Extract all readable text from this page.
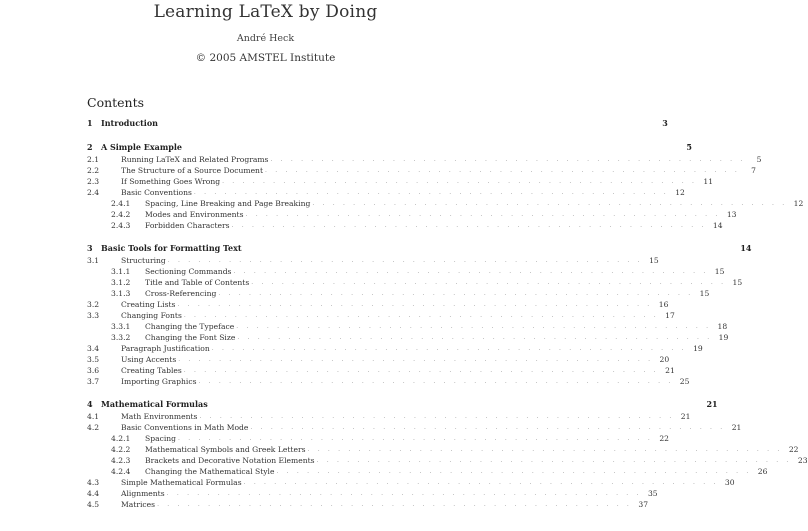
Learning LaTeX by Doing
André Heck
© 2005 AMSTEL Institute
Contents
1	Introduction	3
2	A Simple Example	5
2.1	Running LaTeX and Related Programs . . . . . . . . . . . . . . . . . . . . . . . . . . . . . . . . . . . . . . . . . . . . . . .	5
2.2	The Structure of a Source Document . . . . . . . . . . . . . . . . . . . . . . . . . . . . . . . . . . . . . . . . . . . . . . .	7
2.3	If Something Goes Wrong . . . . . . . . . . . . . . . . . . . . . . . . . . . . . . . . . . . . . . . . . . . . . . . 11
2.4	Basic Conventions . . . . . . . . . . . . . . . . . . . . . . . . . . . . . . . . . . . . . . . . . . . . . . . 12
2.4.1	Spacing, Line Breaking and Page Breaking . . . . . . . . . . . . . . . . . . . . . . . . . . . . . . . . . . . . . . . . . . . . . . . 12
2.4.2	Modes and Environments . . . . . . . . . . . . . . . . . . . . . . . . . . . . . . . . . . . . . . . . . . . . . . . 13
2.4.3	Forbidden Characters . . . . . . . . . . . . . . . . . . . . . . . . . . . . . . . . . . . . . . . . . . . . . . . 14
3	Basic Tools for Formatting Text	14
3.1	Structuring . . . . . . . . . . . . . . . . . . . . . . . . . . . . . . . . . . . . . . . . . . . . . . . 15
3.1.1	Sectioning Commands . . . . . . . . . . . . . . . . . . . . . . . . . . . . . . . . . . . . . . . . . . . . . . . 15
3.1.2	Title and Table of Contents . . . . . . . . . . . . . . . . . . . . . . . . . . . . . . . . . . . . . . . . . . . . . . . 15
3.1.3	Cross-Referencing . . . . . . . . . . . . . . . . . . . . . . . . . . . . . . . . . . . . . . . . . . . . . . . 15
3.2	Creating Lists . . . . . . . . . . . . . . . . . . . . . . . . . . . . . . . . . . . . . . . . . . . . . . . 16
3.3	Changing Fonts . . . . . . . . . . . . . . . . . . . . . . . . . . . . . . . . . . . . . . . . . . . . . . . 17
3.3.1	Changing the Typeface . . . . . . . . . . . . . . . . . . . . . . . . . . . . . . . . . . . . . . . . . . . . . . . 18
3.3.2	Changing the Font Size . . . . . . . . . . . . . . . . . . . . . . . . . . . . . . . . . . . . . . . . . . . . . . . 19
3.4	Paragraph Justification . . . . . . . . . . . . . . . . . . . . . . . . . . . . . . . . . . . . . . . . . . . . . . . 19
3.5	Using Accents . . . . . . . . . . . . . . . . . . . . . . . . . . . . . . . . . . . . . . . . . . . . . . . 20
3.6	Creating Tables . . . . . . . . . . . . . . . . . . . . . . . . . . . . . . . . . . . . . . . . . . . . . . . 21
3.7	Importing Graphics . . . . . . . . . . . . . . . . . . . . . . . . . . . . . . . . . . . . . . . . . . . . . . . 25
4	Mathematical Formulas	21
4.1	Math Environments . . . . . . . . . . . . . . . . . . . . . . . . . . . . . . . . . . . . . . . . . . . . . . . 21
4.2	Basic Conventions in Math Mode . . . . . . . . . . . . . . . . . . . . . . . . . . . . . . . . . . . . . . . . . . . . . . . 21
4.2.1	Spacing . . . . . . . . . . . . . . . . . . . . . . . . . . . . . . . . . . . . . . . . . . . . . . . 22
4.2.2	Mathematical Symbols and Greek Letters . . . . . . . . . . . . . . . . . . . . . . . . . . . . . . . . . . . . . . . . . . . . . . . 22
4.2.3	Brackets and Decorative Notation Elements . . . . . . . . . . . . . . . . . . . . . . . . . . . . . . . . . . . . . . . . . . . . . . . 23
4.2.4	Changing the Mathematical Style . . . . . . . . . . . . . . . . . . . . . . . . . . . . . . . . . . . . . . . . . . . . . . . 26
4.3	Simple Mathematical Formulas . . . . . . . . . . . . . . . . . . . . . . . . . . . . . . . . . . . . . . . . . . . . . . . 30
4.4	Alignments . . . . . . . . . . . . . . . . . . . . . . . . . . . . . . . . . . . . . . . . . . . . . . . 35
4.5	Matrices . . . . . . . . . . . . . . . . . . . . . . . . . . . . . . . . . . . . . . . . . . . . . . . 37
